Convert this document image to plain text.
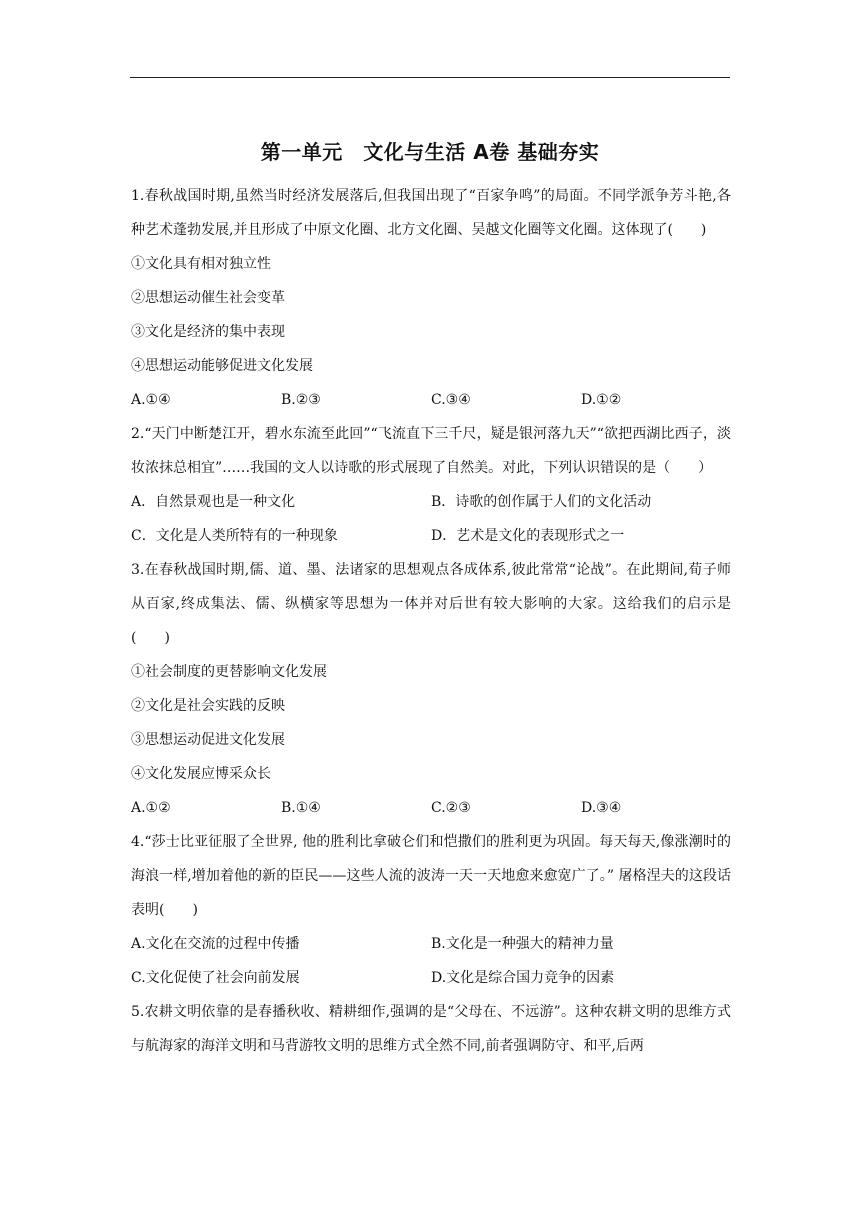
第一单元　文化与生活 A卷 基础夯实

1.春秋战国时期,虽然当时经济发展落后,但我国出现了“百家争鸣”的局面。不同学派争芳斗艳,各种艺术蓬勃发展,并且形成了中原文化圈、北方文化圈、吴越文化圈等文化圈。这体现了(　　)

①文化具有相对独立性

②思想运动催生社会变革

③文化是经济的集中表现

④思想运动能够促进文化发展

A.①④	B.②③	C.③④	D.①②

2.“天门中断楚江开，碧水东流至此回”“飞流直下三千尺，疑是银河落九天”“欲把西湖比西子，淡妆浓抹总相宜”……我国的文人以诗歌的形式展现了自然美。对此，下列认识错误的是（　　）

A．自然景观也是一种文化	B．诗歌的创作属于人们的文化活动
C．文化是人类所特有的一种现象	D．艺术是文化的表现形式之一

3.在春秋战国时期,儒、道、墨、法诸家的思想观点各成体系,彼此常常“论战”。在此期间,荀子师从百家,终成集法、儒、纵横家等思想为一体并对后世有较大影响的大家。这给我们的启示是(　　)

①社会制度的更替影响文化发展

②文化是社会实践的反映

③思想运动促进文化发展

④文化发展应博采众长

A.①②	B.①④	C.②③	D.③④

4.“莎士比亚征服了全世界, 他的胜利比拿破仑们和恺撒们的胜利更为巩固。每天每天,像涨潮时的海浪一样,增加着他的新的臣民——这些人流的波涛一天一天地愈来愈宽广了。” 屠格涅夫的这段话表明(　　)

A.文化在交流的过程中传播	B.文化是一种强大的精神力量
C.文化促使了社会向前发展	D.文化是综合国力竞争的因素

5.农耕文明依靠的是春播秋收、精耕细作,强调的是“父母在、不远游”。这种农耕文明的思维方式与航海家的海洋文明和马背游牧文明的思维方式全然不同,前者强调防守、和平,后两
